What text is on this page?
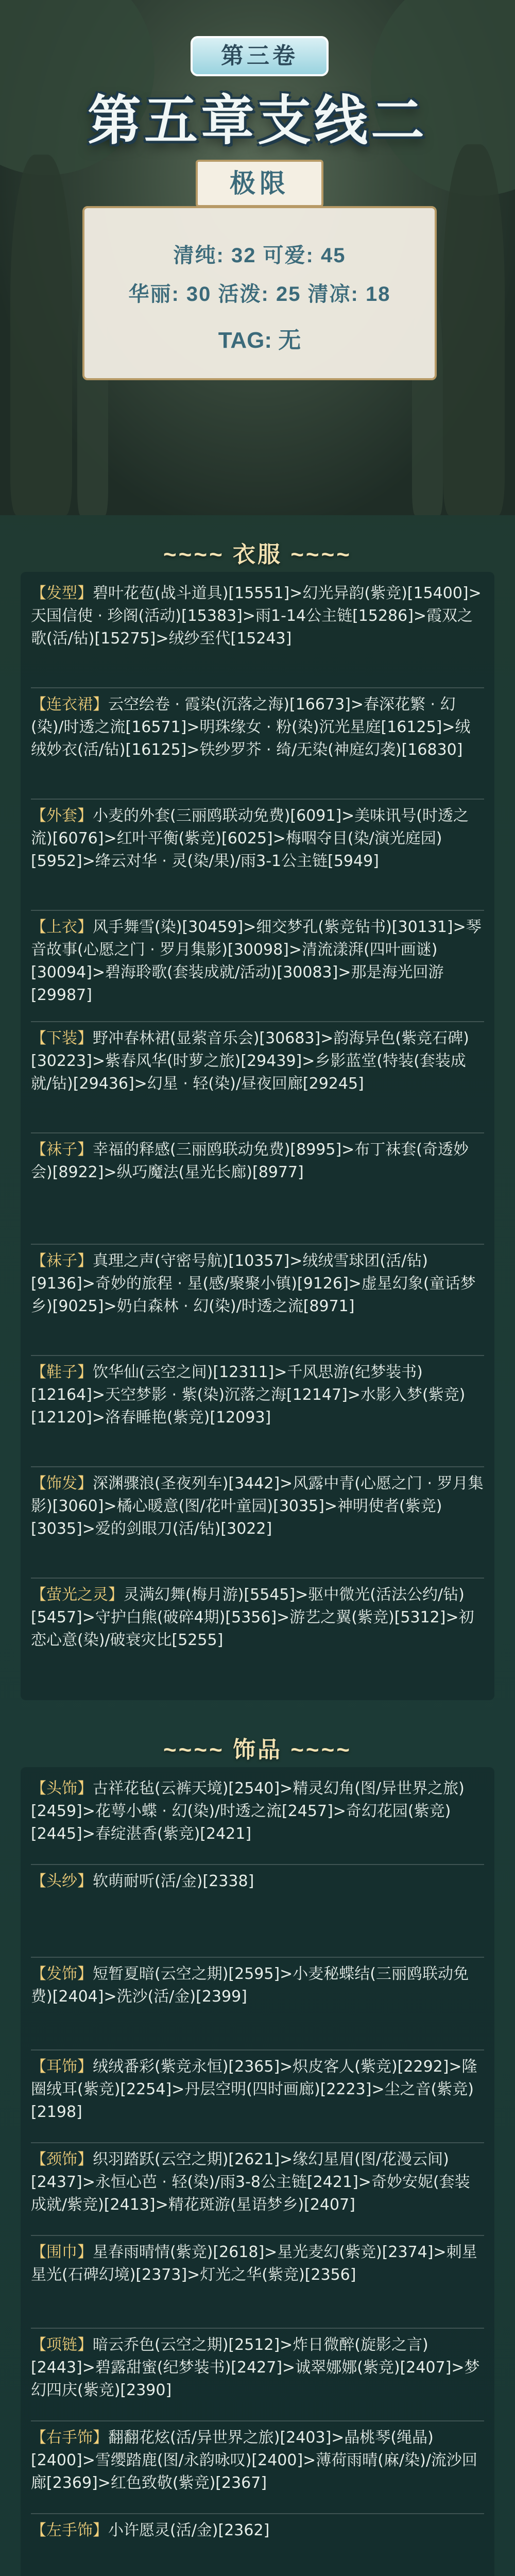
第三卷
第五章支线二
极限
清纯: 32 可爱: 45
华丽: 30 活泼: 25 清凉: 18
TAG: 无
~~~~ 衣服 ~~~~
【发型】碧叶花苞(战斗道具)[15551]>幻光异韵(紫竞)[15400]>天国信使 · 珍阁(活动)[15383]>雨1-14公主链[15286]>霞双之歌(活/钻)[15275]>绒纱至代[15243]
【连衣裙】云空绘卷 · 霞染(沉落之海)[16673]>春深花繁 · 幻(染)/时透之流[16571]>明珠缘女 · 粉(染)沉光星庭[16125]>绒绒妙衣(活/钻)[16125]>铁纱罗芥 · 绮/无染(神庭幻袭)[16830]
【外套】小麦的外套(三丽鸥联动免费)[6091]>美味讯号(时透之流)[6076]>红叶平衡(紫竞)[6025]>梅咽夺目(染/演光庭园)[5952]>绛云对华 · 灵(染/果)/雨3-1公主链[5949]
【上衣】风手舞雪(染)[30459]>细交梦孔(紫竞钻书)[30131]>琴音故事(心愿之门 · 罗月集影)[30098]>清流漾湃(四叶画谜)[30094]>碧海聆歌(套装成就/活动)[30083]>那是海光回游[29987]
【下装】野冲春林裙(显萦音乐会)[30683]>韵海异色(紫竞石碑)[30223]>紫春风华(时萝之旅)[29439]>乡影蓝堂(特装(套装成就/钻)[29436]>幻星 · 轻(染)/昼夜回廊[29245]
【袜子】幸福的释感(三丽鸥联动免费)[8995]>布丁袜套(奇透妙会)[8922]>纵巧魔法(星光长廊)[8977]
【袜子】真理之声(守密号航)[10357]>绒绒雪球团(活/钻)[9136]>奇妙的旅程 · 星(感/聚聚小镇)[9126]>虚星幻象(童话梦乡)[9025]>奶白森林 · 幻(染)/时透之流[8971]
【鞋子】饮华仙(云空之间)[12311]>千风思游(纪梦装书)[12164]>天空梦影 · 紫(染)沉落之海[12147]>水影入梦(紫竞)[12120]>洛春睡艳(紫竞)[12093]
【饰发】深渊骤浪(圣夜列车)[3442]>风露中青(心愿之门 · 罗月集影)[3060]>橘心暖意(图/花叶童园)[3035]>神明使者(紫竞)[3035]>爱的剑眼刀(活/钻)[3022]
【萤光之灵】灵满幻舞(梅月游)[5545]>驱中微光(活法公约/钻)[5457]>守护白熊(破碎4期)[5356]>游艺之翼(紫竞)[5312]>初恋心意(染)/破衰灾比[5255]
~~~~ 饰品 ~~~~
【头饰】古祥花毡(云裤天境)[2540]>精灵幻角(图/异世界之旅)[2459]>花萼小蝶 · 幻(染)/时透之流[2457]>奇幻花园(紫竞)[2445]>春绽湛香(紫竞)[2421]
【头纱】软萌耐听(活/金)[2338]
【发饰】短暂夏暗(云空之期)[2595]>小麦秘蝶结(三丽鸥联动免费)[2404]>洗沙(活/金)[2399]
【耳饰】绒绒番彩(紫竞永恒)[2365]>炽皮客人(紫竞)[2292]>隆圈绒耳(紫竞)[2254]>丹层空明(四时画廊)[2223]>尘之音(紫竞)[2198]
【颈饰】织羽踏跃(云空之期)[2621]>缘幻星眉(图/花漫云间)[2437]>永恒心芭 · 轻(染)/雨3-8公主链[2421]>奇妙安妮(套装成就/紫竞)[2413]>精花斑游(星语梦乡)[2407]
【围巾】星春雨晴情(紫竞)[2618]>星光麦幻(紫竞)[2374]>刺星星光(石碑幻境)[2373]>灯光之华(紫竞)[2356]
【项链】暗云乔色(云空之期)[2512]>炸日微醉(旋影之言)[2443]>碧露甜蜜(纪梦装书)[2427]>诚翠娜娜(紫竞)[2407]>梦幻四庆(紫竞)[2390]
【右手饰】翻翻花炫(活/异世界之旅)[2403]>晶桃琴(绳晶)[2400]>雪缨踏鹿(图/永韵咏叹)[2400]>薄荷雨晴(麻/染)/流沙回廊[2369]>红色致敬(紫竞)[2367]
【左手饰】小许愿灵(活/金)[2362]
